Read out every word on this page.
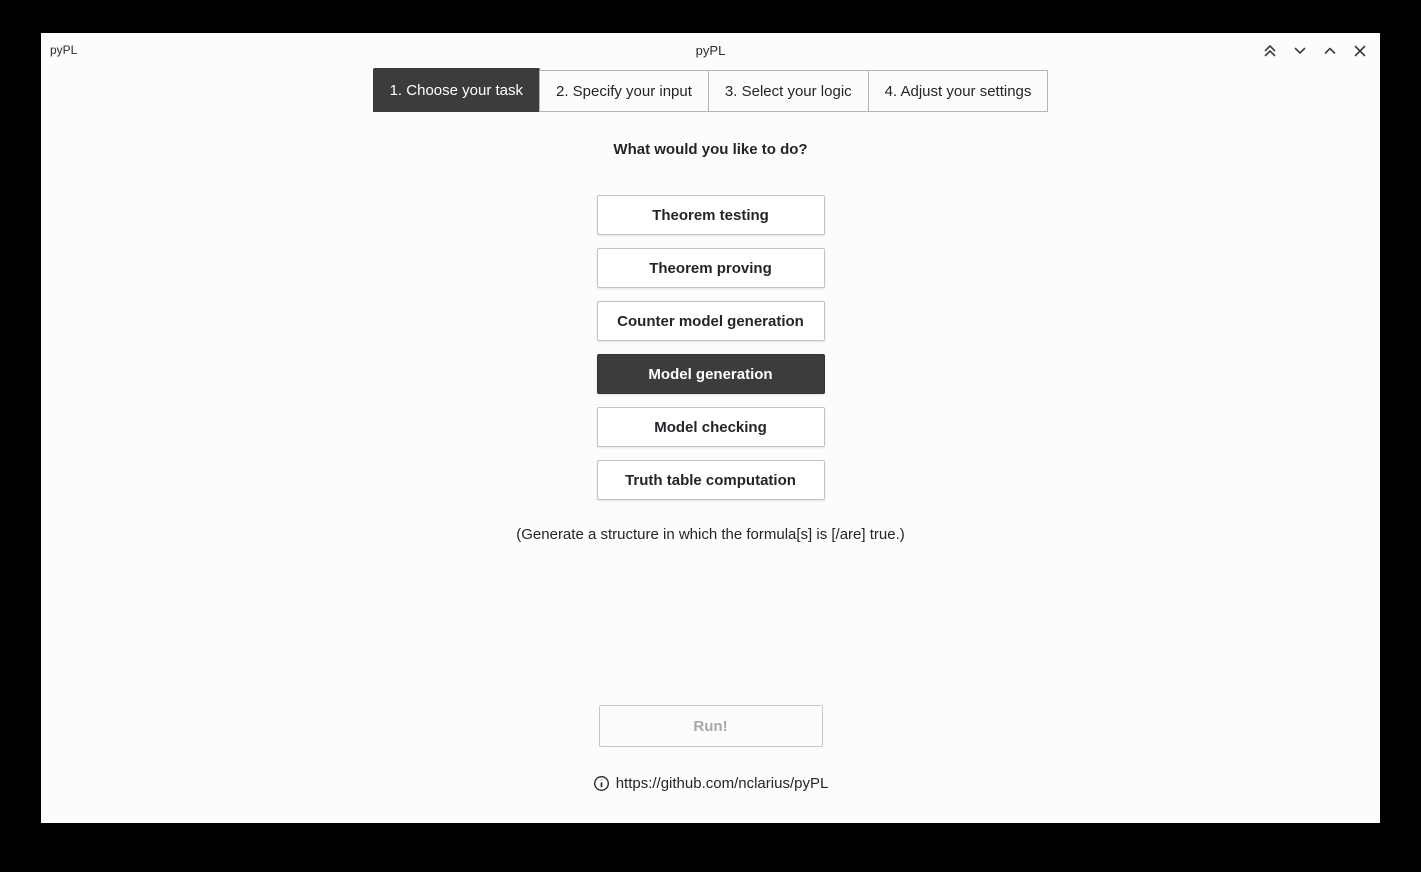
pyPL	pyPL
1. Choose your task	2. Specify your input	3. Select your logic	4. Adjust your settings
What would you like to do?
Theorem testing
Theorem proving
Counter model generation
Model generation
Model checking
Truth table computation
(Generate a structure in which the formula[s] is [/are] true.)
Run!
https://github.com/nclarius/pyPL
